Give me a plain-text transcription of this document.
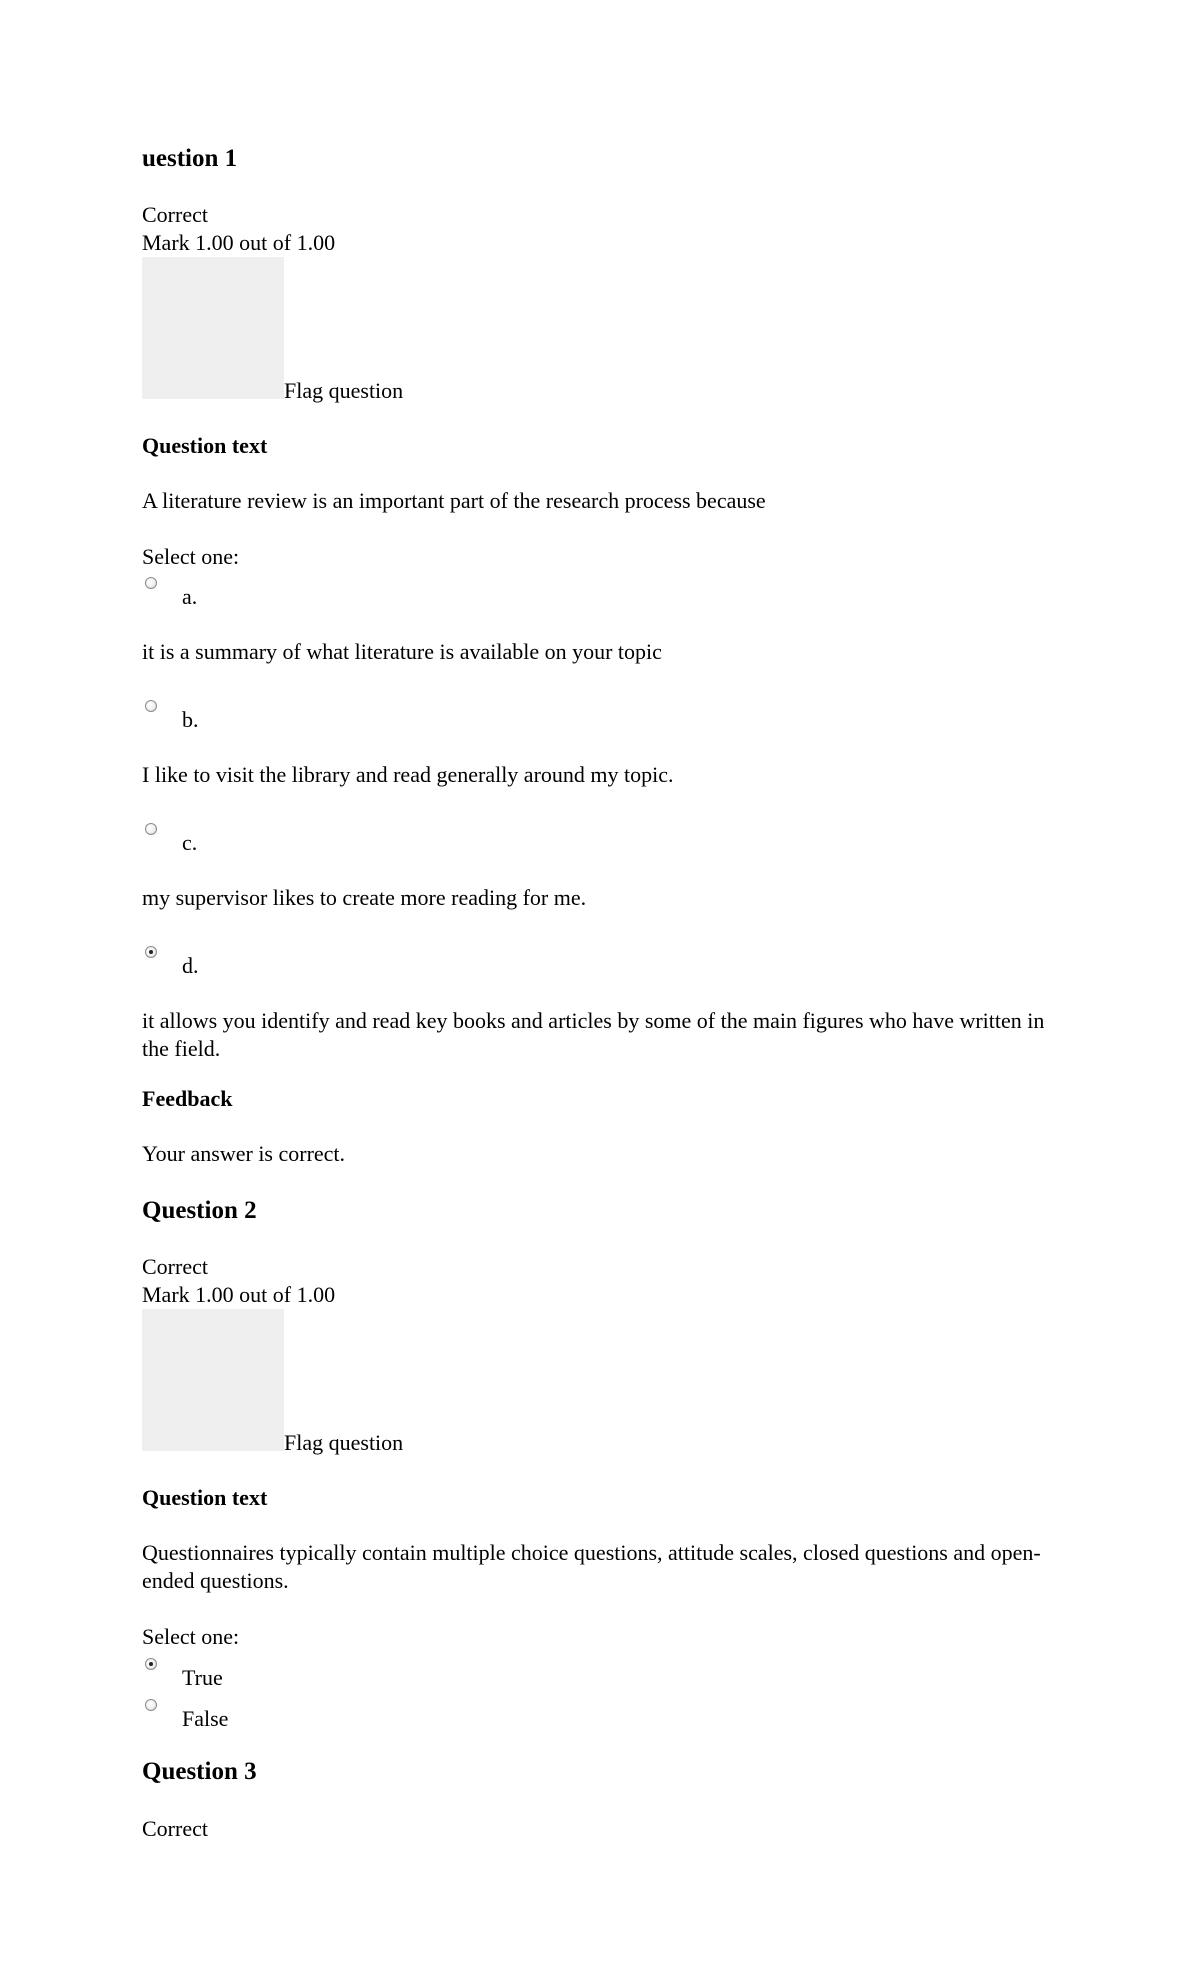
uestion 1
Correct
Mark 1.00 out of 1.00
Flag question
Question text
A literature review is an important part of the research process because
Select one:
a.
it is a summary of what literature is available on your topic
b.
I like to visit the library and read generally around my topic.
c.
my supervisor likes to create more reading for me.
d.
it allows you identify and read key books and articles by some of the main figures who have written in the field.
Feedback
Your answer is correct.
Question 2
Correct
Mark 1.00 out of 1.00
Flag question
Question text
Questionnaires typically contain multiple choice questions, attitude scales, closed questions and open-ended questions.
Select one:
True
False
Question 3
Correct
